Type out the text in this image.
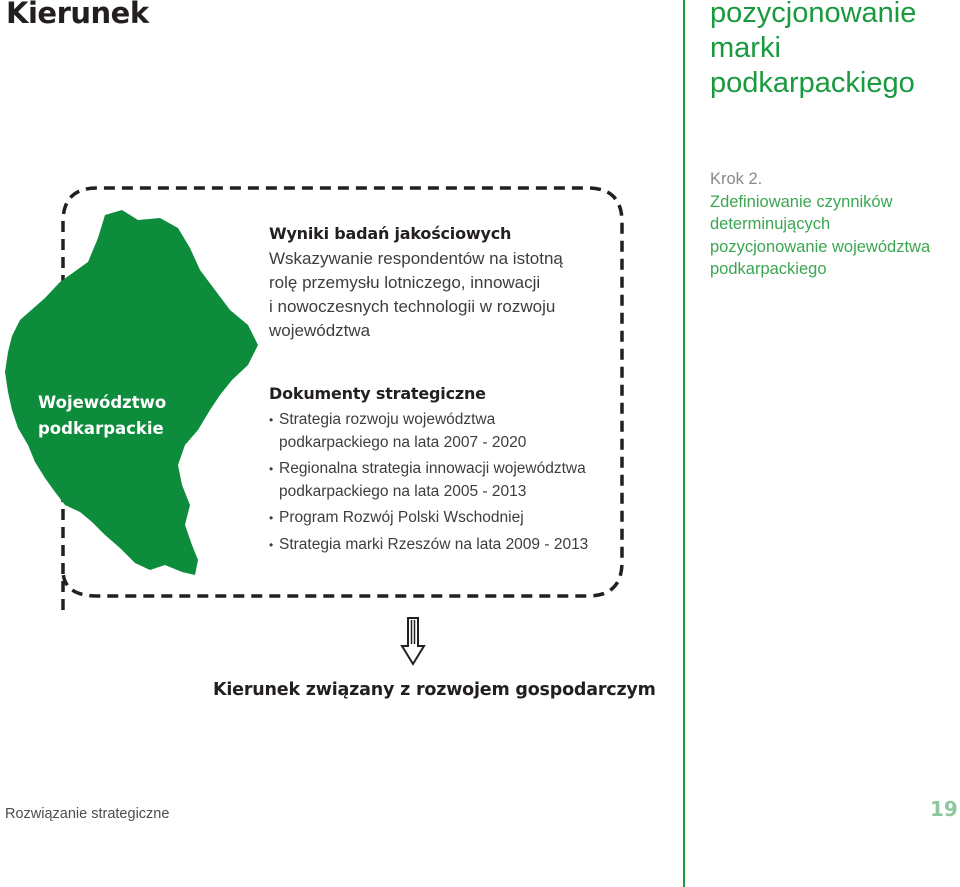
Kierunek	pozycjonowanie
marki
podkarpackiego
Krok 2.
Zdefiniowanie czynników
determinujących
pozycjonowanie województwa
podkarpackiego
Województwo
podkarpackie
Wyniki badań jakościowych
Wskazywanie respondentów na istotną
rolę przemysłu lotniczego, innowacji
i nowoczesnych technologii w rozwoju
województwa
Dokumenty strategiczne
• Strategia rozwoju województwa
podkarpackiego na lata 2007 - 2020
• Regionalna strategia innowacji województwa
podkarpackiego na lata 2005 - 2013
• Program Rozwój Polski Wschodniej
• Strategia marki Rzeszów na lata 2009 - 2013
Kierunek związany z rozwojem gospodarczym
Rozwiązanie strategiczne	19
